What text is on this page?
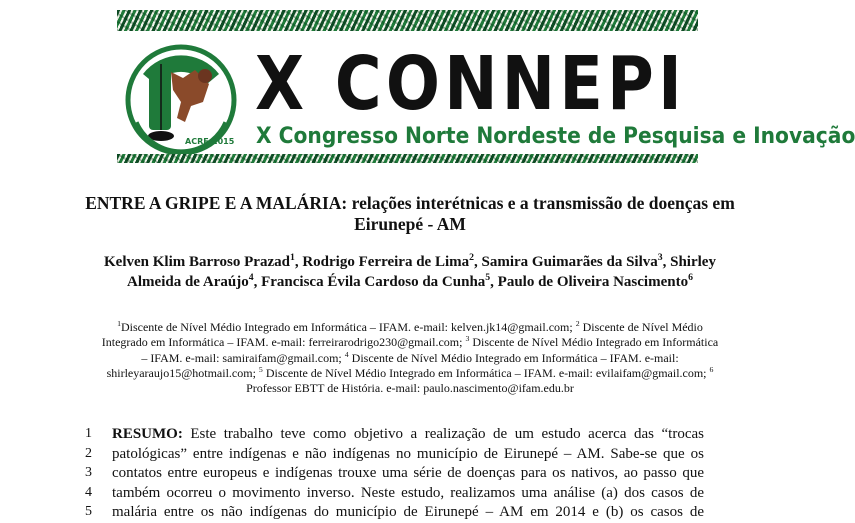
ACRE-2015
X CONNEPI
X Congresso Norte Nordeste de Pesquisa e Inovação
ENTRE A GRIPE E A MALÁRIA: relações interétnicas e a transmissão de doenças em Eirunepé - AM
Kelven Klim Barroso Prazad$^1$, Rodrigo Ferreira de Lima$^2$, Samira Guimarães da Silva$^3$, Shirley Almeida de Araújo$^4$, Francisca Évila Cardoso da Cunha$^5$, Paulo de Oliveira Nascimento$^6$
$^1$Discente de Nível Médio Integrado em Informática – IFAM. e-mail: kelven.jk14@gmail.com; $^2$ Discente de Nível Médio Integrado em Informática – IFAM. e-mail: ferreirarodrigo230@gmail.com; $^3$ Discente de Nível Médio Integrado em Informática – IFAM. e-mail: samiraifam@gmail.com; $^4$ Discente de Nível Médio Integrado em Informática – IFAM. e-mail: shirleyaraujo15@hotmail.com; $^5$ Discente de Nível Médio Integrado em Informática – IFAM. e-mail: evilaifam@gmail.com; $^6$ Professor EBTT de História. e-mail: paulo.nascimento@ifam.edu.br
1 RESUMO: Este trabalho teve como objetivo a realização de um estudo acerca das “trocas
2 patológicas” entre indígenas e não indígenas no município de Eirunepé – AM. Sabe-se que os
3 contatos entre europeus e indígenas trouxe uma série de doenças para os nativos, ao passo que
4 também ocorreu o movimento inverso. Neste estudo, realizamos uma análise (a) dos casos de
5 malária entre os não indígenas do município de Eirunepé – AM em 2014 e (b) os casos de
